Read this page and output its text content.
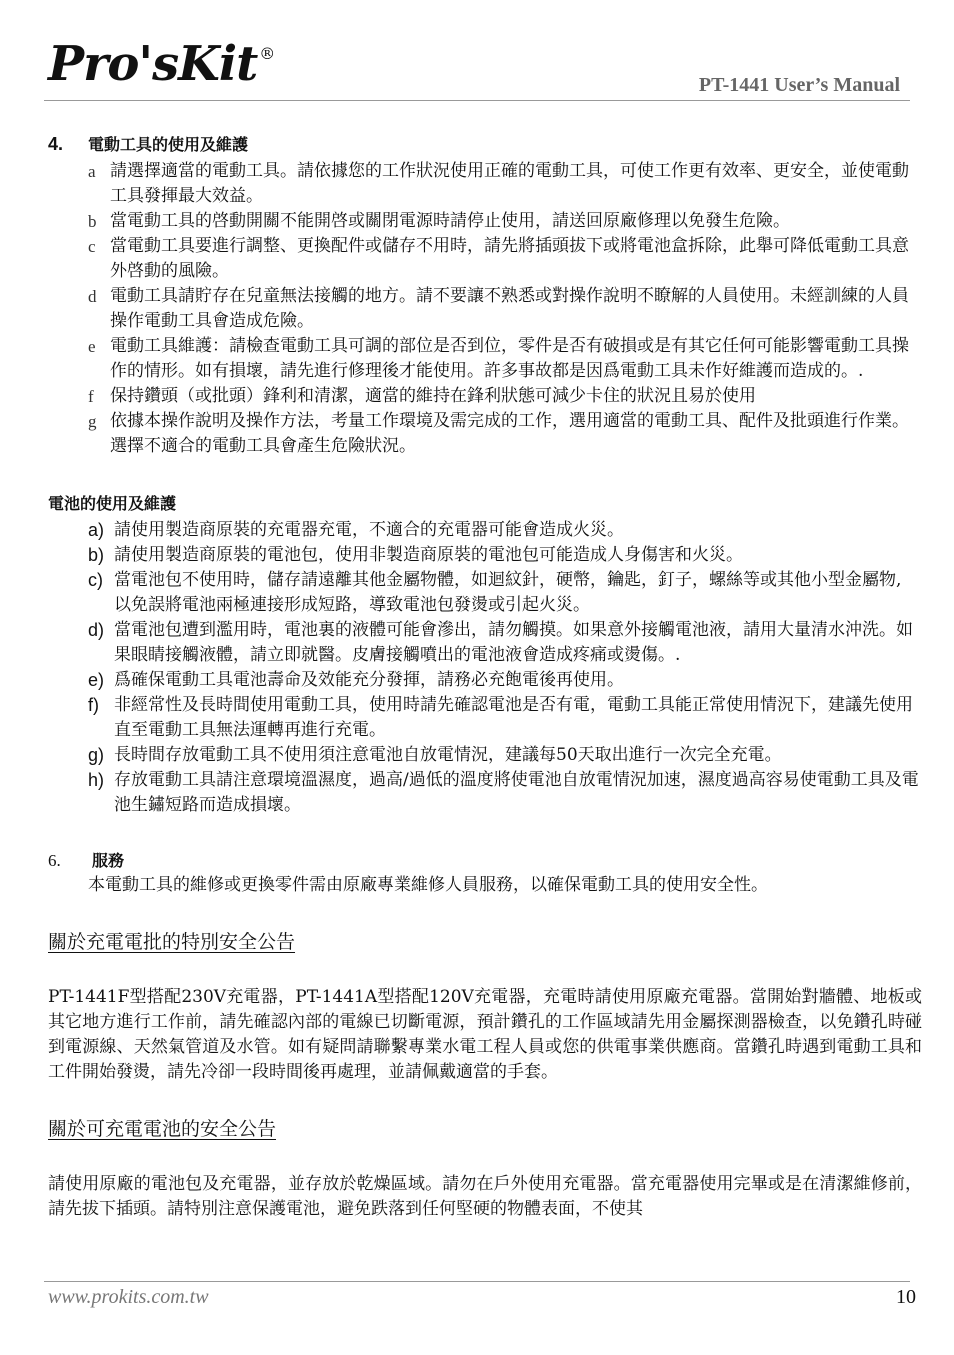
Pro'sKit ®
PT-1441 User’s Manual
4.	電動工具的使用及維護
a 請選擇適當的電動工具。請依據您的工作狀況使用正確的電動工具，可使工作更有效率、更安全，並使電動工具發揮最大效益。
b 當電動工具的啓動開關不能開啓或關閉電源時請停止使用，請送回原廠修理以免發生危險。
c 當電動工具要進行調整、更換配件或儲存不用時，請先將插頭拔下或將電池盒拆除，此舉可降低電動工具意外啓動的風險。
d 電動工具請貯存在兒童無法接觸的地方。請不要讓不熟悉或對操作說明不瞭解的人員使用。未經訓練的人員操作電動工具會造成危險。
e 電動工具維護：請檢查電動工具可調的部位是否到位，零件是否有破損或是有其它任何可能影響電動工具操作的情形。如有損壞，請先進行修理後才能使用。許多事故都是因爲電動工具未作好維護而造成的。.
f 保持鑽頭（或批頭）鋒利和清潔，適當的維持在鋒利狀態可減少卡住的狀況且易於使用
g 依據本操作說明及操作方法，考量工作環境及需完成的工作，選用適當的電動工具、配件及批頭進行作業。選擇不適合的電動工具會產生危險狀況。
電池的使用及維護
a) 請使用製造商原裝的充電器充電，不適合的充電器可能會造成火災。
b) 請使用製造商原裝的電池包，使用非製造商原裝的電池包可能造成人身傷害和火災。
c) 當電池包不使用時，儲存請遠離其他金屬物體，如迴紋針，硬幣，鑰匙，釘子，螺絲等或其他小型金屬物, 以免誤將電池兩極連接形成短路，導致電池包發燙或引起火災。
d) 當電池包遭到濫用時，電池裏的液體可能會滲出，請勿觸摸。如果意外接觸電池液，請用大量清水沖洗。如果眼睛接觸液體，請立即就醫。皮膚接觸噴出的電池液會造成疼痛或燙傷。.
e) 爲確保電動工具電池壽命及效能充分發揮，請務必充飽電後再使用。
f) 非經常性及長時間使用電動工具，使用時請先確認電池是否有電，電動工具能正常使用情況下，建議先使用直至電動工具無法運轉再進行充電。
g) 長時間存放電動工具不使用須注意電池自放電情況，建議每50天取出進行一次完全充電。
h) 存放電動工具請注意環境溫濕度，過高/過低的溫度將使電池自放電情況加速，濕度過高容易使電動工具及電池生鏽短路而造成損壞。
6.	服務
本電動工具的維修或更換零件需由原廠專業維修人員服務，以確保電動工具的使用安全性。
關於充電電批的特別安全公告
PT-1441F型搭配230V充電器，PT-1441A型搭配120V充電器，充電時請使用原廠充電器。當開始對牆體、地板或其它地方進行工作前，請先確認內部的電線已切斷電源，預計鑽孔的工作區域請先用金屬探測器檢查，以免鑽孔時碰到電源線、天然氣管道及水管。如有疑問請聯繫專業水電工程人員或您的供電事業供應商。當鑽孔時遇到電動工具和工件開始發燙，請先冷卻一段時間後再處理，並請佩戴適當的手套。
關於可充電電池的安全公告
請使用原廠的電池包及充電器，並存放於乾燥區域。請勿在戶外使用充電器。當充電器使用完畢或是在清潔維修前，請先拔下插頭。請特別注意保護電池，避免跌落到任何堅硬的物體表面，不使其
www.prokits.com.tw	10
